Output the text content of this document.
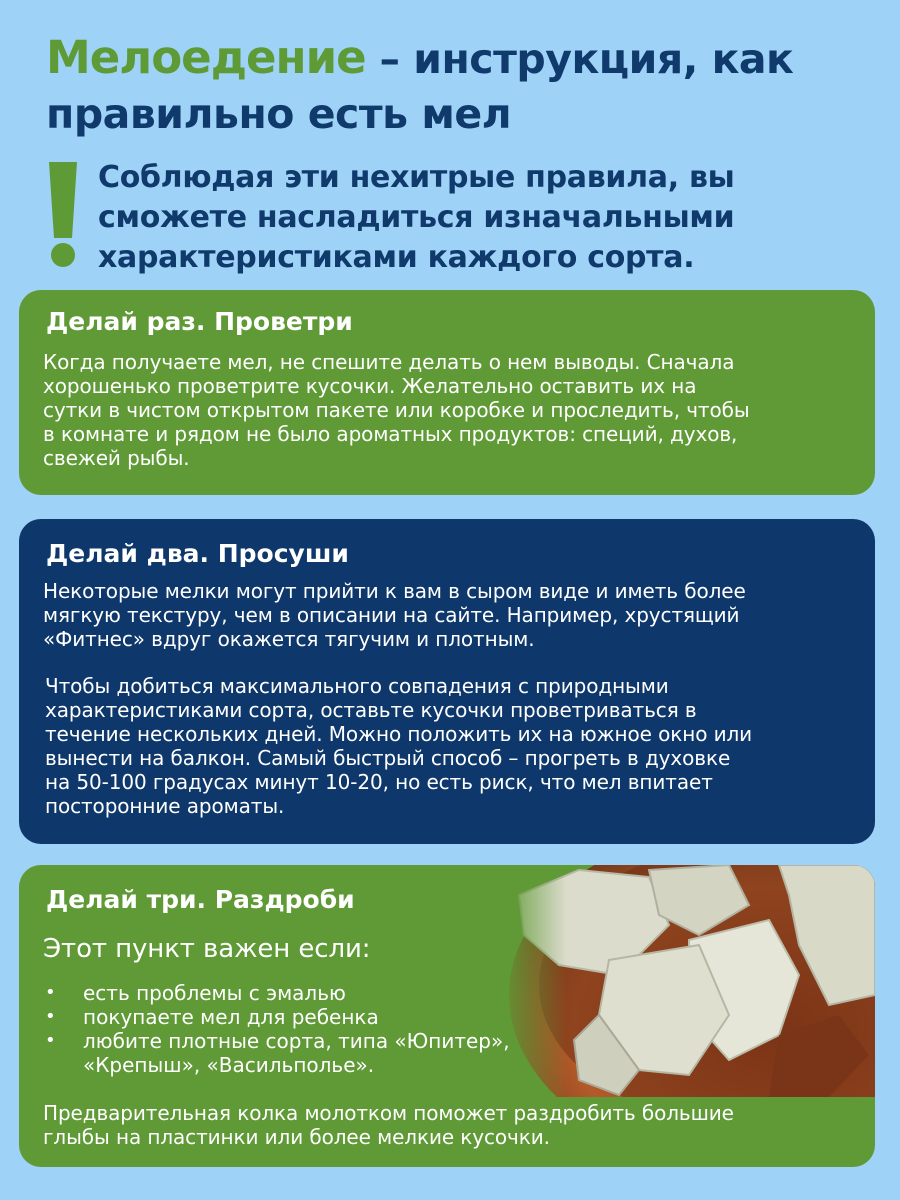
Мелоедение – инструкция, как
правильно есть мел
Соблюдая эти нехитрые правила, вы
сможете насладиться изначальными
характеристиками каждого сорта.
Делай раз. Проветри
Когда получаете мел, не спешите делать о нем выводы. Сначала
хорошенько проветрите кусочки. Желательно оставить их на
сутки в чистом открытом пакете или коробке и проследить, чтобы
в комнате и рядом не было ароматных продуктов: специй, духов,
свежей рыбы.
Делай два. Просуши
Некоторые мелки могут прийти к вам в сыром виде и иметь более
мягкую текстуру, чем в описании на сайте. Например, хрустящий
«Фитнес» вдруг окажется тягучим и плотным.
Чтобы добиться максимального совпадения с природными
характеристиками сорта, оставьте кусочки проветриваться в
течение нескольких дней. Можно положить их на южное окно или
вынести на балкон. Самый быстрый способ – прогреть в духовке
на 50-100 градусах минут 10-20, но есть риск, что мел впитает
посторонние ароматы.
Делай три. Раздроби
Этот пункт важен если:
• есть проблемы с эмалью
• покупаете мел для ребенка
• любите плотные сорта, типа «Юпитер»,
«Крепыш», «Васильполье».
Предварительная колка молотком поможет раздробить большие
глыбы на пластинки или более мелкие кусочки.
